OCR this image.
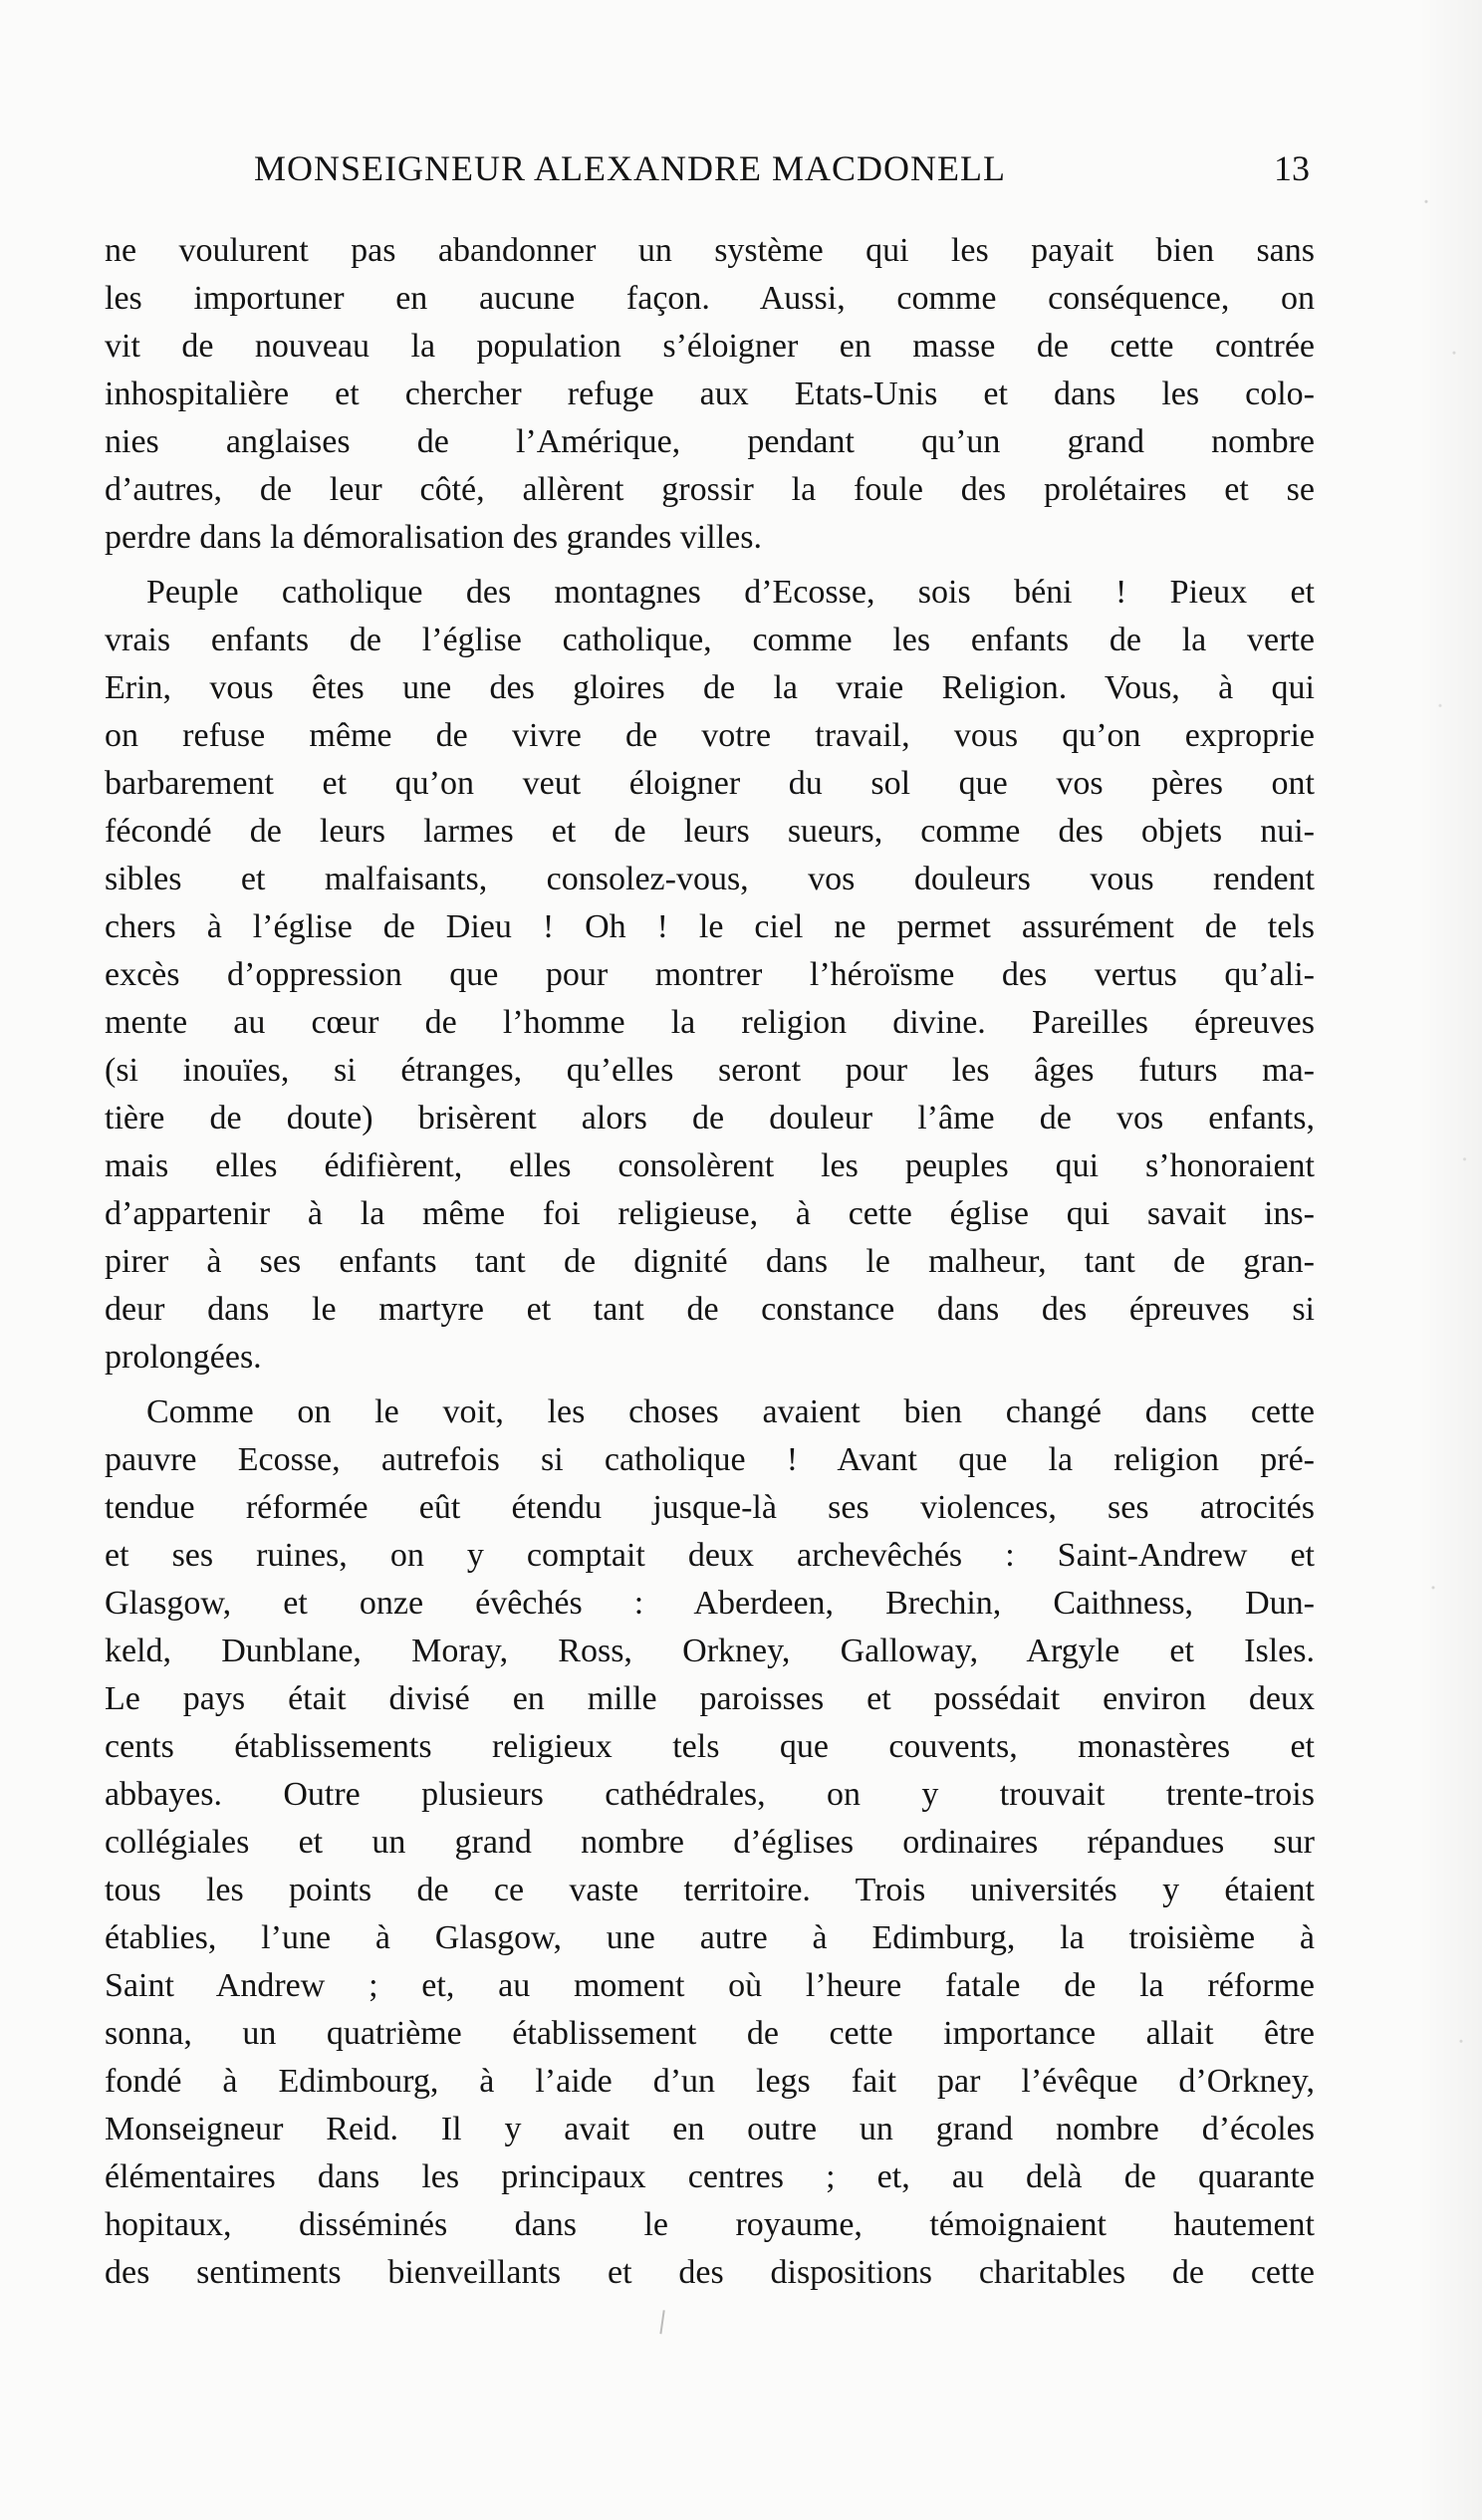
MONSEIGNEUR ALEXANDRE MACDONELL	13
ne voulurent pas abandonner un système qui les payait bien sans
les importuner en aucune façon. Aussi, comme conséquence, on
vit de nouveau la population s’éloigner en masse de cette contrée
inhospitalière et chercher refuge aux Etats-Unis et dans les colo-
nies anglaises de l’Amérique, pendant qu’un grand nombre
d’autres, de leur côté, allèrent grossir la foule des prolétaires et se
perdre dans la démoralisation des grandes villes.
Peuple catholique des montagnes d’Ecosse, sois béni ! Pieux et
vrais enfants de l’église catholique, comme les enfants de la verte
Erin, vous êtes une des gloires de la vraie Religion. Vous, à qui
on refuse même de vivre de votre travail, vous qu’on exproprie
barbarement et qu’on veut éloigner du sol que vos pères ont
fécondé de leurs larmes et de leurs sueurs, comme des objets nui-
sibles et malfaisants, consolez-vous, vos douleurs vous rendent
chers à l’église de Dieu ! Oh ! le ciel ne permet assurément de tels
excès d’oppression que pour montrer l’héroïsme des vertus qu’ali-
mente au cœur de l’homme la religion divine. Pareilles épreuves
(si inouïes, si étranges, qu’elles seront pour les âges futurs ma-
tière de doute) brisèrent alors de douleur l’âme de vos enfants,
mais elles édifièrent, elles consolèrent les peuples qui s’honoraient
d’appartenir à la même foi religieuse, à cette église qui savait ins-
pirer à ses enfants tant de dignité dans le malheur, tant de gran-
deur dans le martyre et tant de constance dans des épreuves si
prolongées.
Comme on le voit, les choses avaient bien changé dans cette
pauvre Ecosse, autrefois si catholique ! Avant que la religion pré-
tendue réformée eût étendu jusque-là ses violences, ses atrocités
et ses ruines, on y comptait deux archevêchés : Saint-Andrew et
Glasgow, et onze évêchés : Aberdeen, Brechin, Caithness, Dun-
keld, Dunblane, Moray, Ross, Orkney, Galloway, Argyle et Isles.
Le pays était divisé en mille paroisses et possédait environ deux
cents établissements religieux tels que couvents, monastères et
abbayes. Outre plusieurs cathédrales, on y trouvait trente-trois
collégiales et un grand nombre d’églises ordinaires répandues sur
tous les points de ce vaste territoire. Trois universités y étaient
établies, l’une à Glasgow, une autre à Edimburg, la troisième à
Saint Andrew ; et, au moment où l’heure fatale de la réforme
sonna, un quatrième établissement de cette importance allait être
fondé à Edimbourg, à l’aide d’un legs fait par l’évêque d’Orkney,
Monseigneur Reid. Il y avait en outre un grand nombre d’écoles
élémentaires dans les principaux centres ; et, au delà de quarante
hopitaux, disséminés dans le royaume, témoignaient hautement
des sentiments bienveillants et des dispositions charitables de cette
